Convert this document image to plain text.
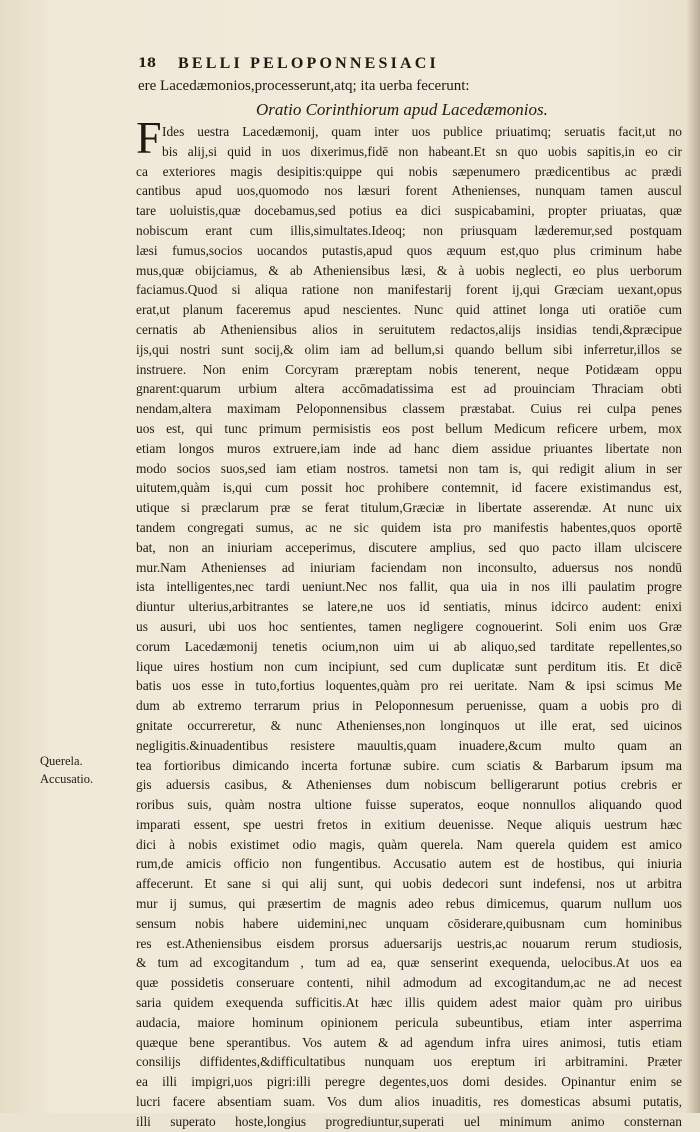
18 BELLI PELOPONNESIACI
ere Lacedæmonios,processerunt,atq; ita uerba fecerunt:
Oratio Corinthiorum apud Lacedæmonios.
F Ides uestra Lacedæmonij, quam inter uos publice priuatimq; seruatis facit,ut no
bis alij,si quid in uos dixerimus,fidē non habeant.Et sn quo uobis sapitis,in eo cir
ca exteriores magis desipitis:quippe qui nobis sæpenumero prædicentibus ac prædi
cantibus apud uos,quomodo nos læsuri forent Athenienses, nunquam tamen auscul
tare uoluistis,quæ docebamus,sed potius ea dici suspicabamini, propter priuatas, quæ
nobiscum erant cum illis,simultates.Ideoq; non priusquam læderemur,sed postquam
læsi fumus,socios uocandos putastis,apud quos æquum est,quo plus criminum habe
mus,quæ obijciamus, & ab Atheniensibus læsi, & à uobis neglecti, eo plus uerborum
faciamus.Quod si aliqua ratione non manifestarij forent ij,qui Græciam uexant,opus
erat,ut planum faceremus apud nescientes. Nunc quid attinet longa uti oratiōe cum
cernatis ab Atheniensibus alios in seruitutem redactos,alijs insidias tendi,&præcipue
ijs,qui nostri sunt socij,& olim iam ad bellum,si quando bellum sibi inferretur,illos se
instruere. Non enim Corcyram præreptam nobis tenerent, neque Potidæam oppu
gnarent:quarum urbium altera accōmadatissima est ad prouinciam Thraciam obti
nendam,altera maximam Peloponnensibus classem præstabat. Cuius rei culpa penes
uos est, qui tunc primum permisistis eos post bellum Medicum reficere urbem, mox
etiam longos muros extruere,iam inde ad hanc diem assidue priuantes libertate non
modo socios suos,sed iam etiam nostros. tametsi non tam is, qui redigit alium in ser
uitutem,quàm is,qui cum possit hoc prohibere contemnit, id facere existimandus est,
utique si præclarum præ se ferat titulum,Græciæ in libertate asserendæ. At nunc uix
tandem congregati sumus, ac ne sic quidem ista pro manifestis habentes,quos oportē
bat, non an iniuriam acceperimus, discutere amplius, sed quo pacto illam ulciscere
mur.Nam Athenienses ad iniuriam faciendam non inconsulto, aduersus nos nondū
ista intelligentes,nec tardi ueniunt.Nec nos fallit, qua uia in nos illi paulatim progre
diuntur ulterius,arbitrantes se latere,ne uos id sentiatis, minus idcirco audent: enixi
us ausuri, ubi uos hoc sentientes, tamen negligere cognouerint. Soli enim uos Græ
corum Lacedæmonij tenetis ocium,non uim ui ab aliquo,sed tarditate repellentes,so
lique uires hostium non cum incipiunt, sed cum duplicatæ sunt perditum itis. Et dicē
batis uos esse in tuto,fortius loquentes,quàm pro rei ueritate. Nam & ipsi scimus Me
dum ab extremo terrarum prius in Peloponnesum peruenisse, quam a uobis pro di
gnitate occurreretur, & nunc Athenienses,non longinquos ut ille erat, sed uicinos
negligitis.&inuadentibus resistere mauultis,quam inuadere,&cum multo quam an
tea fortioribus dimicando incerta fortunæ subire. cum sciatis & Barbarum ipsum ma
gis aduersis casibus, & Athenienses dum nobiscum belligerarunt potius crebris er
roribus suis, quàm nostra ultione fuisse superatos, eoque nonnullos aliquando quod
imparati essent, spe uestri fretos in exitium deuenisse. Neque aliquis uestrum hæc
dici à nobis existimet odio magis, quàm querela. Nam querela quidem est amico
rum,de amicis officio non fungentibus. Accusatio autem est de hostibus, qui iniuria
affecerunt. Et sane si qui alij sunt, qui uobis dedecori sunt indefensi, nos ut arbitra
mur ij sumus, qui præsertim de magnis adeo rebus dimicemus, quarum nullum uos
sensum nobis habere uidemini,nec unquam cōsiderare,quibusnam cum hominibus
res est.Atheniensibus eisdem prorsus aduersarijs uestris,ac nouarum rerum studiosis,
& tum ad excogitandum , tum ad ea, quæ senserint exequenda, uelocibus.At uos ea
quæ possidetis conseruare contenti, nihil admodum ad excogitandum,ac ne ad necest
saria quidem exequenda sufficitis.At hæc illis quidem adest maior quàm pro uiribus
audacia, maiore hominum opinionem pericula subeuntibus, etiam inter asperrima
quæque bene sperantibus. Vos autem & ad agendum infra uires animosi, tutis etiam
consilijs diffidentes,&difficultatibus nunquam uos ereptum iri arbitramini. Præter
ea illi impigri,uos pigri:illi peregre degentes,uos domi desides. Opinantur enim se
lucri facere absentiam suam. Vos dum alios inuaditis, res domesticas absumi putatis,
illi superato hoste,longius progrediuntur,superati uel minimum animo consternan
Querela.
Accusatio.
